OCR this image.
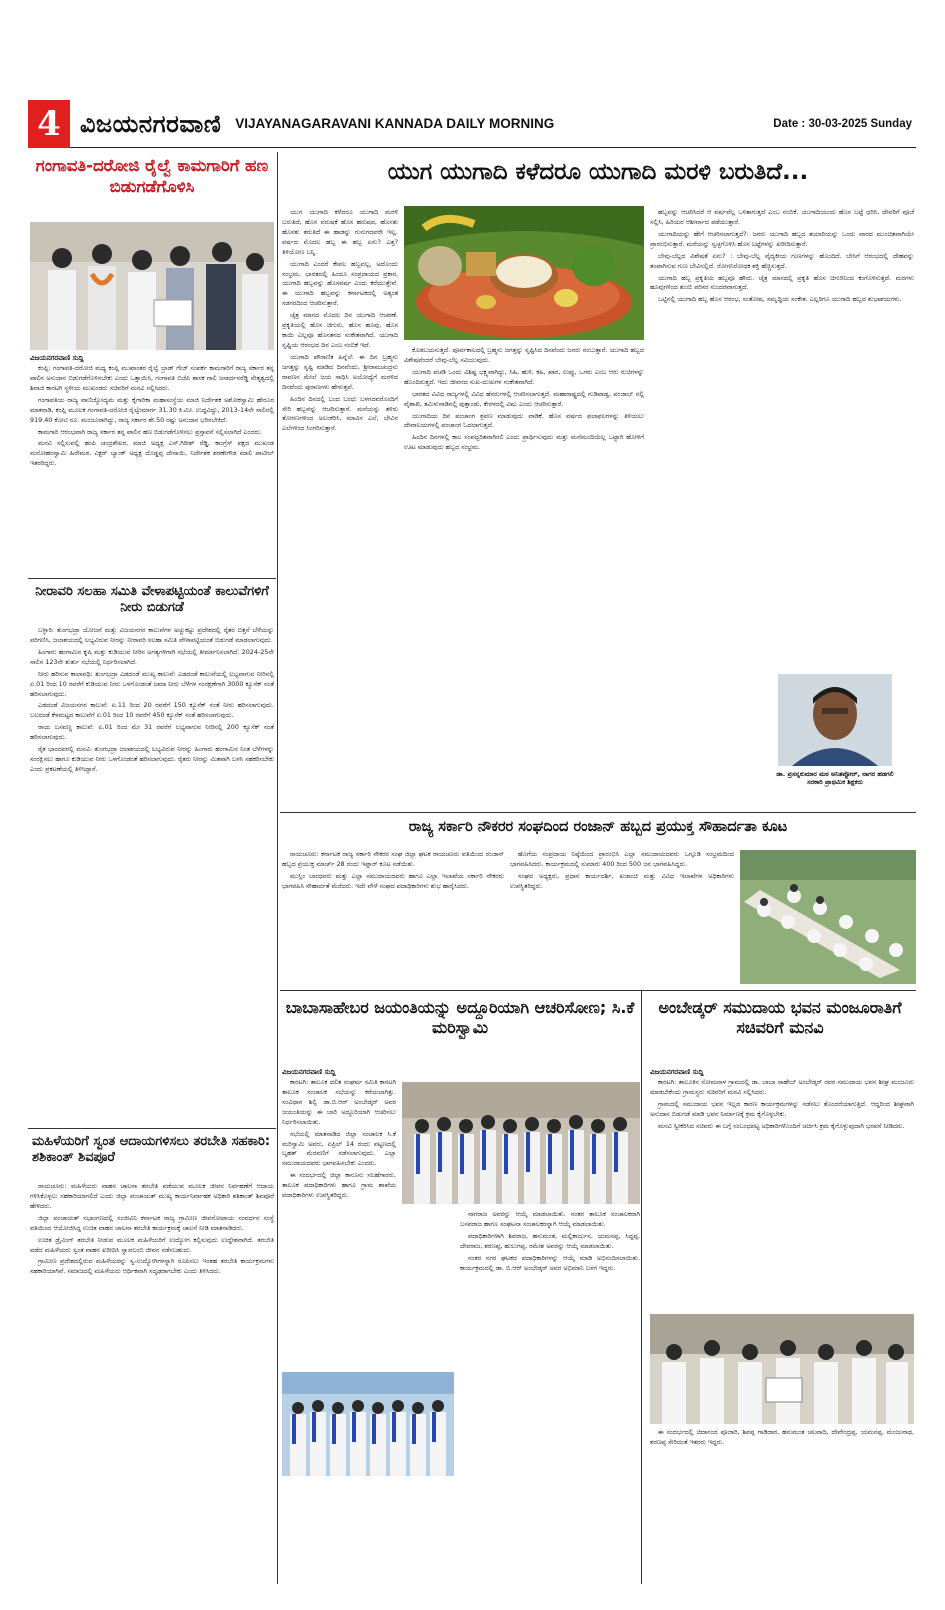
4 ವಿಜಯನಗರವಾಣಿ VIJAYANAGARAVANI KANNADA DAILY MORNING	Date : 30-03-2025 Sunday
ಗಂಗಾವತಿ-ದರೋಜಿ ರೈಲ್ವೆ ಕಾಮಗಾರಿಗೆ ಹಣ ಬಿಡುಗಡೆಗೊಳಿಸಿ
ವಿಜಯನಗರವಾಣಿ ಸುದ್ದಿ

ಕಂಪ್ಲಿ: ಗಂಗಾವತಿ-ದರೋಜಿ ಮಧ್ಯ ಕಂಪ್ಲಿ ಮುಖಾಂತರ ರೈಲ್ವೆ ಬ್ರಾಡ್ ಗೇಜ್ ಸಂಪರ್ಕ ಕಾಮಗಾರಿಗೆ ರಾಜ್ಯ ಸರ್ಕಾರ ತನ್ನ ಪಾಲಿನ ಅನುದಾನ ಬಿಡುಗಡೆಗೊಳಿಸಬೇಕು ಎಂದು ಒತ್ತಾಯಿಸಿ, ಗಂಗಾವತಿ ಬಿಜೆಪಿ ಶಾಸಕ ಗಾಲಿ ಜನಾರ್ದನರೆಡ್ಡಿ ನೇತೃತ್ವದಲ್ಲಿ ಶಿವಾಜಿ ಕಾರಟಗಿ ಸ್ಥಳೀಯ ಮುಖಂಡರು ಸಚಿವರಿಗೆ ಮನವಿ ಸಲ್ಲಿಸಿದರು.

ಗಂಗಾವತಿಯ ರಾಜ್ಯ ವಾಣಿಜ್ಯೋದ್ಯಮ ಮತ್ತು ಕೈಗಾರಿಕಾ ಮಹಾಸಂಸ್ಥೆಯ ಮಾಜಿ ನಿರ್ದೇಶಕ ಅಶೋಕಸ್ವಾಮಿ ಹೇರೂರ ಮಾತನಾಡಿ, ಕಂಪ್ಲಿ ಮೂಲಕ ಗಂಗಾವತಿ-ದರೋಜಿ ರೈಲ್ವೇಮಾರ್ಗ 31.30 ಕಿ.ಮೀ. ಉದ್ದವಿದ್ದು, 2013-14ನೇ ಸಾಲಿನಲ್ಲಿ 919.40 ಕೋಟಿ ರೂ. ಮಂಜೂರಾಗಿದ್ದು, ರಾಜ್ಯ ಸರ್ಕಾರ ಶೇ.50 ರಷ್ಟು ಅನುದಾನ ಭರಿಸಬೇಕಿದೆ.

ಕಾಮಗಾರಿ ಆರಂಭವಾಗಿ ರಾಜ್ಯ ಸರ್ಕಾರ ತನ್ನ ಪಾಲಿನ ಹಣ ಬಿಡುಗಡೆಗೊಳಿಸಲು ಪ್ರಸ್ತಾವನೆ ಸಲ್ಲಿಸಲಾಗಿದೆ ಎಂದರು.

ಮನವಿ ಸಲ್ಲಿಸುವಲ್ಲಿ ಹಂಪಿ ಚಂದ್ರಶೇಖರ, ಮಾಜಿ ಅಧ್ಯಕ್ಷ ಎಸ್.ಗಿರೀಶ್ ರೆಡ್ಡಿ, ಕಾಂಗ್ರೆಸ್ ಪಕ್ಷದ ಮುಖಂಡ ಮನೋಹರಸ್ವಾಮಿ ಹಿರೇಮಠ, ವಿಕ್ಟರ್ ಬ್ಯಾಂಕ್ ಅಧ್ಯಕ್ಷ ದೊಡ್ಡಪ್ಪ ದೇಸಾಯಿ, ನಿರ್ದೇಶಕ ಶರಣೇಗೌಡ ಮಾಲಿ ಪಾಟೀಲ್ ಇತರರಿದ್ದರು.

ನೀರಾವರಿ ಸಲಹಾ ಸಮಿತಿ ವೇಳಾಪಟ್ಟಿಯಂತೆ ಕಾಲುವೆಗಳಿಗೆ ನೀರು ಬಿಡುಗಡೆ

ಬಳ್ಳಾರಿ: ತುಂಗಭದ್ರಾ ಯೋಜನೆ ಮತ್ತು ವಿಜಯನಗರ ಕಾಲುವೆಗಳ ಅಚ್ಚುಕಟ್ಟು ಪ್ರದೇಶದಲ್ಲಿ ರೈತರ ಬಿತ್ತನೆ ಬೆಳೆಯನ್ನು ಪರಿಗಣಿಸಿ, ಜಲಾಶಯದಲ್ಲಿ ಲಭ್ಯವಿರುವ ನೀರನ್ನು ನೀರಾವರಿ ಸಲಹಾ ಸಮಿತಿ ವೇಳಾಪಟ್ಟಿಯಂತೆ ಬಿಡುಗಡೆ ಮಾಡಲಾಗುವುದು.

ಹಿಂಗಾರು ಹಂಗಾಮಿನ ಕೃಷಿ ಮತ್ತು ಕುಡಿಯುವ ನೀರಿನ ಅಗತ್ಯಗಳಿಗಾಗಿ ಸಭೆಯಲ್ಲಿ ತೀರ್ಮಾನಿಸಲಾಗಿದೆ. 2024-25ನೇ ಸಾಲಿನ 123ನೇ ತುರ್ತು ಸಭೆಯಲ್ಲಿ ನಿರ್ಧರಿಸಲಾಗಿದೆ.

ನೀರು ಹರಿಸುವ ಕಾಲಾವಧಿ: ತುಂಗಭದ್ರಾ ಎಡದಂಡೆ ಮುಖ್ಯ ಕಾಲುವೆ: ಎಡದಂಡೆ ಕಾಲುವೆಯಲ್ಲಿ ಲಭ್ಯವಾಗುವ ನೀರಿನಲ್ಲಿ ಏ.01 ರಿಂದ 10 ರವರೆಗೆ ಕುಡಿಯುವ ನೀರು ಒಳಗೊಂಡಂತೆ ಜಮಾ ನೀರು ಬೆಳೆಗಳ ಸಂರಕ್ಷಣೆಗಾಗಿ 3000 ಕ್ಯೂಸೆಕ್ ನಂತೆ ಹರಿಸಲಾಗುವುದು.

ಎಡದಂಡೆ ವಿಜಯನಗರ ಕಾಲುವೆ: ಏ.11 ರಿಂದ 20 ರವರೆಗೆ 150 ಕ್ಯೂಸೆಕ್ ನಂತೆ ನೀರು ಹರಿಸಲಾಗುವುದು. ಬಲದಂಡೆ ಕೆಳಮಟ್ಟದ ಕಾಲುವೆಗೆ ಏ.01 ರಿಂದ 10 ರವರೆಗೆ 450 ಕ್ಯೂಸೆಕ್ ನಂತೆ ಹರಿಸಲಾಗುವುದು.

ರಾಯ ಬಸವಣ್ಣ ಕಾಲುವೆ: ಏ.01 ರಿಂದ ಮೇ 31 ರವರೆಗೆ ಲಭ್ಯವಾಗುವ ನೀರಿನಲ್ಲಿ 200 ಕ್ಯೂಸೆಕ್ ನಂತೆ ಹರಿಸಲಾಗುವುದು.

ರೈತ ಭಾಂದವರಲ್ಲಿ ಮನವಿ: ತುಂಗಭದ್ರಾ ಜಲಾಶಯದಲ್ಲಿ ಲಭ್ಯವಿರುವ ನೀರನ್ನು ಹಿಂಗಾರು ಹಂಗಾಮಿನ ನಿಂತ ಬೆಳೆಗಳನ್ನು ಸಂರಕ್ಷಿಸಲು ಹಾಗೂ ಕುಡಿಯುವ ನೀರು ಒಳಗೊಂಡಂತೆ ಹರಿಸಲಾಗುವುದು. ರೈತರು ನೀರನ್ನು ಮಿತವಾಗಿ ಬಳಸಿ ಸಹಕರಿಸಬೇಕು ಎಂದು ಪ್ರಕಟಣೆಯಲ್ಲಿ ತಿಳಿಸಿದ್ದಾರೆ.

ಮಹಿಳೆಯರಿಗೆ ಸ್ವಂತ ಆದಾಯಗಳಿಸಲು ತರಬೇತಿ ಸಹಕಾರಿ: ಶಶಿಕಾಂತ್ ಶಿವಪೂರೆ

ರಾಯಚೂರು: ಮಹಿಳೆಯರು ವಾಹನ ಚಾಲನಾ ತರಬೇತಿ ಪಡೆಯುವ ಮೂಲಕ ಜೀವನ ನಿರ್ವಹಣೆಗೆ ಆದಾಯ ಗಳಿಸಿಕೊಳ್ಳಲು ಸಹಕಾರಿಯಾಗಲಿದೆ ಎಂದು ಜಿಲ್ಲಾ ಪಂಚಾಯತ್ ಮುಖ್ಯ ಕಾರ್ಯನಿರ್ವಾಹಕ ಅಧಿಕಾರಿ ಶಶಿಕಾಂತ್ ಶಿವಪೂರೆ ಹೇಳಿದರು.

ಜಿಲ್ಲಾ ಪಂಚಾಯತ್ ಸಭಾಂಗಣದಲ್ಲಿ ಸಂಜೀವಿನಿ ಕರ್ನಾಟಕ ರಾಜ್ಯ ಗ್ರಾಮೀಣ ಜೀವನೋಪಾಯ ಸಂವರ್ಧನ ಸಂಸ್ಥೆ ವತಿಯಿಂದ ಆಯೋಜಿಸಿದ್ದ ಉಚಿತ ವಾಹನ ಚಾಲನಾ ತರಬೇತಿ ಕಾರ್ಯಕ್ರಮಕ್ಕೆ ಚಾಲನೆ ನೀಡಿ ಮಾತನಾಡಿದರು.

ಉಚಿತ ಡ್ರೈವಿಂಗ್ ತರಬೇತಿ ನೀಡುವ ಮೂಲಕ ಮಹಿಳೆಯರಿಗೆ ಉದ್ಯೋಗ ಕಲ್ಪಿಸುವುದು ಉದ್ದೇಶವಾಗಿದೆ. ತರಬೇತಿ ಪಡೆದ ಮಹಿಳೆಯರು ಸ್ವಂತ ವಾಹನ ಖರೀದಿಸಿ ಸ್ವಾವಲಂಬಿ ಜೀವನ ನಡೆಸಬಹುದು.

ಗ್ರಾಮೀಣ ಪ್ರದೇಶದಲ್ಲಿರುವ ಮಹಿಳೆಯರನ್ನು ಸ್ವ-ಉದ್ಯೋಗಿಗಳನ್ನಾಗಿ ರೂಪಿಸಲು ಇಂತಹ ತರಬೇತಿ ಕಾರ್ಯಕ್ರಮಗಳು ಸಹಕಾರಿಯಾಗಿವೆ. ಸಮಾಜದಲ್ಲಿ ಮಹಿಳೆಯರು ಆರ್ಥಿಕವಾಗಿ ಸದೃಢರಾಗಬೇಕು ಎಂದು ತಿಳಿಸಿದರು.

ಯುಗ ಯುಗಾದಿ ಕಳೆದರೂ ಯುಗಾದಿ ಮರಳಿ ಬರುತಿದೆ...

ಯುಗ ಯುಗಾದಿ ಕಳೆದರೂ ಯುಗಾದಿ ಮರಳಿ ಬರುತಿದೆ, ಹೊಸ ವರುಷಕೆ ಹೊಸ ಹರುಷವ, ಹೊಸತು ಹೊಸತು ತರುತಿದೆ ಈ ಹಾಡನ್ನು ಗುನುಗದವರೇ ಇಲ್ಲ. ವರ್ಷದ ಮೊದಲ ಹಬ್ಬ ಈ ಹಬ್ಬ ಏನು? ಎತ್ತ? ತಿಳಿಯೋಣ ಬನ್ನಿ.

ಯುಗಾದಿ ಎಂದರೆ ಕೇವಲ ಹಬ್ಬವಲ್ಲ, ಅದೊಂದು ಸಂಭ್ರಮ. ಭಾರತದಲ್ಲಿ ಹಿಂದೂ ಸಂಪ್ರದಾಯದ ಪ್ರಕಾರ, ಯುಗಾದಿ ಹಬ್ಬವನ್ನು ಹೊಸವರ್ಷ ಎಂದು ಕರೆಯುತ್ತೇವೆ. ಈ ಯುಗಾದಿ ಹಬ್ಬವನ್ನು ಕರ್ನಾಟಕದಲ್ಲಿ ಅತ್ಯಂತ ಸಡಗರದಿಂದ ಆಚರಿಸುತ್ತಾರೆ.

ಚೈತ್ರ ಮಾಸದ ಮೊದಲ ದಿನ ಯುಗಾದಿ ಆಚರಣೆ. ಪ್ರಕೃತಿಯಲ್ಲಿ ಹೊಸ ಚಿಗುರು, ಹೊಸ ಹೂವು, ಹೊಸ ಕಾಯಿ ಎಲ್ಲವೂ ಹೊಸತನದ ಸಂಕೇತವಾಗಿದೆ. ಯುಗಾದಿ ಸೃಷ್ಟಿಯ ಆರಂಭದ ದಿನ ಎಂಬ ನಂಬಿಕೆ ಇದೆ.

ಯುಗಾದಿ ಪೌರಾಣಿಕ ಹಿನ್ನೆಲೆ: ಈ ದಿನ ಬ್ರಹ್ಮನು ಜಗತ್ತನ್ನು ಸೃಷ್ಟಿ ಮಾಡಿದ ದಿನವೆಂದು, ಶ್ರೀರಾಮಚಂದ್ರನು ರಾವಣನ ಮೇಲೆ ಜಯ ಸಾಧಿಸಿ ಅಯೋಧ್ಯೆಗೆ ಮರಳಿದ ದಿನವೆಂದು ಪುರಾಣಗಳು ಹೇಳುತ್ತವೆ.

ಹಿಂದಿನ ದಿನದಲ್ಲಿ ಬಂದ ಬಂಧು ಬಳಗದವರೊಂದಿಗೆ ಸೇರಿ ಹಬ್ಬವನ್ನು ಆಚರಿಸುತ್ತಾರೆ. ಮನೆಯನ್ನು ತಳಿರು ತೋರಣಗಳಿಂದ ಅಲಂಕರಿಸಿ, ಮಾವಿನ ಎಲೆ, ಬೇವಿನ ಎಲೆಗಳಿಂದ ಸಿಂಗರಿಸುತ್ತಾರೆ.

ಕೊಡಬಯಸುತ್ತದೆ. ಪೂರ್ವಕಾಲದಲ್ಲಿ ಬ್ರಹ್ಮನು ಜಗತ್ತನ್ನು ಸೃಷ್ಟಿಸಿದ ದಿನವೆಂದು ಜನರು ನಂಬುತ್ತಾರೆ. ಯುಗಾದಿ ಹಬ್ಬದ ವಿಶೇಷವೆಂದರೆ ಬೇವು-ಬೆಲ್ಲ ಸವಿಯುವುದು.

ಯುಗಾದಿ ಪಚಡಿ ಒಂದು ವಿಶಿಷ್ಟ ಭಕ್ಷ್ಯವಾಗಿದ್ದು, ಸಿಹಿ, ಹುಳಿ, ಕಹಿ, ಖಾರ, ಉಪ್ಪು, ಒಗರು ಎಂಬ ಆರು ರುಚಿಗಳನ್ನು ಹೊಂದಿರುತ್ತದೆ. ಇದು ಜೀವನದ ಸುಖ-ದುಃಖಗಳ ಸಂಕೇತವಾಗಿದೆ.

ಭಾರತದ ವಿವಿಧ ರಾಜ್ಯಗಳಲ್ಲಿ ವಿವಿಧ ಹೆಸರುಗಳಲ್ಲಿ ಆಚರಿಸಲಾಗುತ್ತದೆ. ಮಹಾರಾಷ್ಟ್ರದಲ್ಲಿ ಗುಡಿಪಾಡ್ವ, ಪಂಜಾಬ್ ನಲ್ಲಿ ವೈಶಾಖಿ, ತಮಿಳುನಾಡಿನಲ್ಲಿ ಪುತ್ತಾಂಡು, ಕೇರಳದಲ್ಲಿ ವಿಷು ಎಂದು ಆಚರಿಸುತ್ತಾರೆ.

ಯುಗಾದಿಯ ದಿನ ಪಂಚಾಂಗ ಶ್ರವಣ ಮಾಡುವುದು ವಾಡಿಕೆ. ಹೊಸ ವರ್ಷದ ಫಲಾಫಲಗಳನ್ನು ತಿಳಿಯಲು ದೇವಾಲಯಗಳಲ್ಲಿ ಪಂಚಾಂಗ ಓದಲಾಗುತ್ತದೆ.

ಹಿಂದಿನ ದಿನಗಳಲ್ಲಿ ಕಾಲ ಸಂಪದ್ಭರಿತವಾಗಿರಲಿ ಎಂದು ಪ್ರಾರ್ಥಿಸುವುದು ಮತ್ತು ಮನೆಮಂದಿಯೆಲ್ಲ ಒಟ್ಟಾಗಿ ಹೋಳಿಗೆ ಊಟ ಮಾಡುವುದು ಹಬ್ಬದ ಸಂಭ್ರಮ.

ಹಬ್ಬವನ್ನು ಆಚರಿಸಿದರೆ ಆ ವರ್ಷವೆಲ್ಲ ಒಳಿತಾಗುತ್ತದೆ ಎಂಬ ನಂಬಿಕೆ. ಯುಗಾದಿಯಂದು ಹೊಸ ಬಟ್ಟೆ ಧರಿಸಿ, ದೇವರಿಗೆ ಪೂಜೆ ಸಲ್ಲಿಸಿ, ಹಿರಿಯರ ಆಶೀರ್ವಾದ ಪಡೆಯುತ್ತಾರೆ.

ಯುಗಾದಿಯನ್ನು ಹೇಗೆ ಆಚರಿಸಲಾಗುತ್ತದೆ?: ಜನರು ಯುಗಾದಿ ಹಬ್ಬದ ತಯಾರಿಯನ್ನು ಒಂದು ವಾರದ ಮುಂಚಿತವಾಗಿಯೇ ಪ್ರಾರಂಭಿಸುತ್ತಾರೆ. ಮನೆಯನ್ನು ಸ್ವಚ್ಛಗೊಳಿಸಿ ಹೊಸ ಬಟ್ಟೆಗಳನ್ನು ಖರೀದಿಸುತ್ತಾರೆ.

ಬೇವು-ಬೆಲ್ಲದ ವಿಶೇಷತೆ ಏನು? : ಬೇವು-ಬೆಲ್ಲ ವೈದ್ಯಕೀಯ ಗುಣಗಳನ್ನು ಹೊಂದಿದೆ. ಬೇಸಿಗೆ ಆರಂಭದಲ್ಲಿ ದೇಹವನ್ನು ತಂಪಾಗಿಸುವ ಗುಣ ಬೇವಿನಲ್ಲಿದೆ. ರೋಗನಿರೋಧಕ ಶಕ್ತಿ ಹೆಚ್ಚಿಸುತ್ತದೆ.

ಯುಗಾದಿ ಹಬ್ಬ ಪ್ರಕೃತಿಯ ಹಬ್ಬವೂ ಹೌದು. ಚೈತ್ರ ಮಾಸದಲ್ಲಿ ಪ್ರಕೃತಿ ಹೊಸ ಚಿಗುರಿನಿಂದ ಕಂಗೊಳಿಸುತ್ತದೆ. ಮರಗಳು ಹೂವುಗಳಿಂದ ತುಂಬಿ ಪರಿಸರ ಸುಂದರವಾಗುತ್ತದೆ.

ಒಟ್ಟಿನಲ್ಲಿ ಯುಗಾದಿ ಹಬ್ಬ ಹೊಸ ಆರಂಭ, ಸಂತೋಷ, ಸಮೃದ್ಧಿಯ ಸಂಕೇತ. ಎಲ್ಲರಿಗೂ ಯುಗಾದಿ ಹಬ್ಬದ ಶುಭಾಶಯಗಳು.

ಡಾ. ಪ್ರಸನ್ನಕುಮಾರ ಮಠ ಅನಿತಪ್ಪೋರ್, ನಾಗರ ಹಡಗಲಿ ಸರಕಾರಿ ಪ್ರಾಥಮಿಕ ಶಿಕ್ಷಕರು
ರಾಜ್ಯ ಸರ್ಕಾರಿ ನೌಕರರ ಸಂಘದಿಂದ ರಂಜಾನ್ ಹಬ್ಬದ ಪ್ರಯುಕ್ತ ಸೌಹಾರ್ದತಾ ಕೂಟ

ರಾಯಚೂರು: ಕರ್ನಾಟಕ ರಾಜ್ಯ ಸರ್ಕಾರಿ ನೌಕರರ ಸಂಘ ಜಿಲ್ಲಾ ಘಟಕ ರಾಯಚೂರು ವತಿಯಿಂದ ರಂಜಾನ್ ಹಬ್ಬದ ಪ್ರಯುಕ್ತ ಮಾರ್ಚ್ 28 ರಂದು ಇಫ್ತಾರ್ ಕೂಟ ನಡೆಯಿತು.

ಮುಸ್ಲಿಂ ಬಾಂಧವರು ಮತ್ತು ಎಲ್ಲಾ ಸಮುದಾಯದವರು ಹಾಗೂ ಎಲ್ಲಾ ಇಲಾಖೆಯ ಸರ್ಕಾರಿ ನೌಕರರು ಭಾಗವಹಿಸಿ ಸೌಹಾರ್ದತೆ ಮೆರೆದರು. ಇದೇ ವೇಳೆ ಸಂಘದ ಪದಾಧಿಕಾರಿಗಳು ಶುಭ ಹಾರೈಸಿದರು.

ಹೊಗೆಯ ಸಂಪ್ರದಾಯ ನಿಷ್ಠೆಯಿಂದ ಪ್ರಾರಂಭಿಸಿ ಎಲ್ಲಾ ಸಮುದಾಯದವರು ಒಗ್ಗೂಡಿ ಸಂಭ್ರಮದಿಂದ ಭಾಗವಹಿಸಿದರು. ಕಾರ್ಯಕ್ರಮದಲ್ಲಿ ಸುಮಾರು 400 ರಿಂದ 500 ಜನ ಭಾಗವಹಿಸಿದ್ದರು.

ಸಂಘದ ಅಧ್ಯಕ್ಷರು, ಪ್ರಧಾನ ಕಾರ್ಯದರ್ಶಿ, ಖಜಾಂಚಿ ಮತ್ತು ವಿವಿಧ ಇಲಾಖೆಗಳ ಅಧಿಕಾರಿಗಳು ಉಪಸ್ಥಿತರಿದ್ದರು.

ಬಾಬಾಸಾಹೇಬರ ಜಯಂತಿಯನ್ನು ಅದ್ದೂರಿಯಾಗಿ ಆಚರಿಸೋಣ; ಸಿ.ಕೆ ಮರಿಸ್ವಾಮಿ
ವಿಜಯನಗರವಾಣಿ ಸುದ್ದಿ

ಕಾರಟಗಿ: ತಾಲೂಕ ದಲಿತ ಸಂಘರ್ಷ ಸಮಿತಿ ಕಾರಟಗಿ ತಾಲೂಕ ಸಂಚಾಲಕ ಸಭೆಯನ್ನು ಕರೆಯಲಾಗಿತ್ತು. ಸಂವಿಧಾನ ಶಿಲ್ಪಿ ಡಾ.ಬಿ.ಆರ್ ಅಂಬೇಡ್ಕರ್ ಅವರ ಜಯಂತಿಯನ್ನು ಈ ಬಾರಿ ಅದ್ದೂರಿಯಾಗಿ ಆಚರಿಸಲು ನಿರ್ಧರಿಸಲಾಯಿತು.

ಸಭೆಯಲ್ಲಿ ಮಾತನಾಡಿದ ಜಿಲ್ಲಾ ಸಂಚಾಲಕ ಸಿ.ಕೆ ಮರಿಸ್ವಾಮಿ ಅವರು, ಏಪ್ರಿಲ್ 14 ರಂದು ಪಟ್ಟಣದಲ್ಲಿ ಬೃಹತ್ ಮೆರವಣಿಗೆ ನಡೆಸಲಾಗುವುದು. ಎಲ್ಲಾ ಸಮುದಾಯದವರು ಭಾಗವಹಿಸಬೇಕು ಎಂದರು.

ಈ ಸಂದರ್ಭದಲ್ಲಿ ಜಿಲ್ಲಾ ಕಾನೂನು ಸಲಹೆಗಾರರು, ತಾಲೂಕ ಪದಾಧಿಕಾರಿಗಳು ಹಾಗೂ ಗ್ರಾಮ ಶಾಖೆಯ ಪದಾಧಿಕಾರಿಗಳು ಉಪಸ್ಥಿತರಿದ್ದರು.

ನಾಗರಾಜ ಅವರನ್ನು ಆಯ್ಕೆ ಮಾಡಲಾಯಿತು. ನಂತರ ತಾಲೂಕ ಸಂಚಾಲಕರಾಗಿ ಬಸವರಾಜ ಹಾಗೂ ಸಂಘಟನಾ ಸಂಚಾಲಕರನ್ನಾಗಿ ಆಯ್ಕೆ ಮಾಡಲಾಯಿತು.

ಪದಾಧಿಕಾರಿಗಳಾಗಿ ಶಿವರಾಜ, ಹನುಮಂತ, ಮಲ್ಲಿಕಾರ್ಜುನ, ಯಮನಪ್ಪ, ಸಿದ್ದಪ್ಪ, ದೇವರಾಜ, ಶರಣಪ್ಪ, ಹುಲುಗಪ್ಪ, ರಮೇಶ ಅವರನ್ನು ಆಯ್ಕೆ ಮಾಡಲಾಯಿತು.

ನಂತರ ನಗರ ಘಟಕದ ಪದಾಧಿಕಾರಿಗಳನ್ನು ಆಯ್ಕೆ ಮಾಡಿ ಅಭಿನಂದಿಸಲಾಯಿತು. ಕಾರ್ಯಕ್ರಮದಲ್ಲಿ ಡಾ. ಬಿ.ಆರ್ ಅಂಬೇಡ್ಕರ್ ಅವರ ಅಭಿಮಾನಿ ಬಳಗ ಇದ್ದರು.

ಅಂಬೇಡ್ಕರ್ ಸಮುದಾಯ ಭವನ ಮಂಜೂರಾತಿಗೆ ಸಚಿವರಿಗೆ ಮನವಿ
ವಿಜಯನಗರವಾಣಿ ಸುದ್ದಿ

ಕಾರಟಗಿ: ತಾಲೂಕಿನ ಸೋಮನಾಳ ಗ್ರಾಮದಲ್ಲಿ ಡಾ. ಬಾಬಾ ಸಾಹೇಬ್ ಅಂಬೇಡ್ಕರ್ ರವರ ಸಮುದಾಯ ಭವನ ಶೀಘ್ರ ಮಂಜೂರು ಮಾಡಬೇಕೆಂದು ಗ್ರಾಮಸ್ಥರು ಸಚಿವರಿಗೆ ಮನವಿ ಸಲ್ಲಿಸಿದರು.

ಗ್ರಾಮದಲ್ಲಿ ಸಮುದಾಯ ಭವನ ಇಲ್ಲದ ಕಾರಣ ಕಾರ್ಯಕ್ರಮಗಳನ್ನು ನಡೆಸಲು ತೊಂದರೆಯಾಗುತ್ತಿದೆ. ಆದ್ದರಿಂದ ಶೀಘ್ರವಾಗಿ ಅನುದಾನ ಬಿಡುಗಡೆ ಮಾಡಿ ಭವನ ನಿರ್ಮಾಣಕ್ಕೆ ಕ್ರಮ ಕೈಗೊಳ್ಳಬೇಕು.

ಮನವಿ ಸ್ವೀಕರಿಸಿದ ಸಚಿವರು ಈ ಬಗ್ಗೆ ಸಂಬಂಧಪಟ್ಟ ಅಧಿಕಾರಿಗಳೊಂದಿಗೆ ಚರ್ಚಿಸಿ ಕ್ರಮ ಕೈಗೊಳ್ಳುವುದಾಗಿ ಭರವಸೆ ನೀಡಿದರು.

ಈ ಸಂದರ್ಭದಲ್ಲಿ ಚಿದಾನಂದ ಪೂಜಾರಿ, ಶಿವಪ್ಪ ಗಾಡಿದಾರ, ಹನುಮಂತ ಚಲವಾದಿ, ದೇವೇಂದ್ರಪ್ಪ, ಯಮನಪ್ಪ, ಮಂಜುನಾಥ, ಶರಣಪ್ಪ ಸೇರಿದಂತೆ ಇತರರು ಇದ್ದರು.
